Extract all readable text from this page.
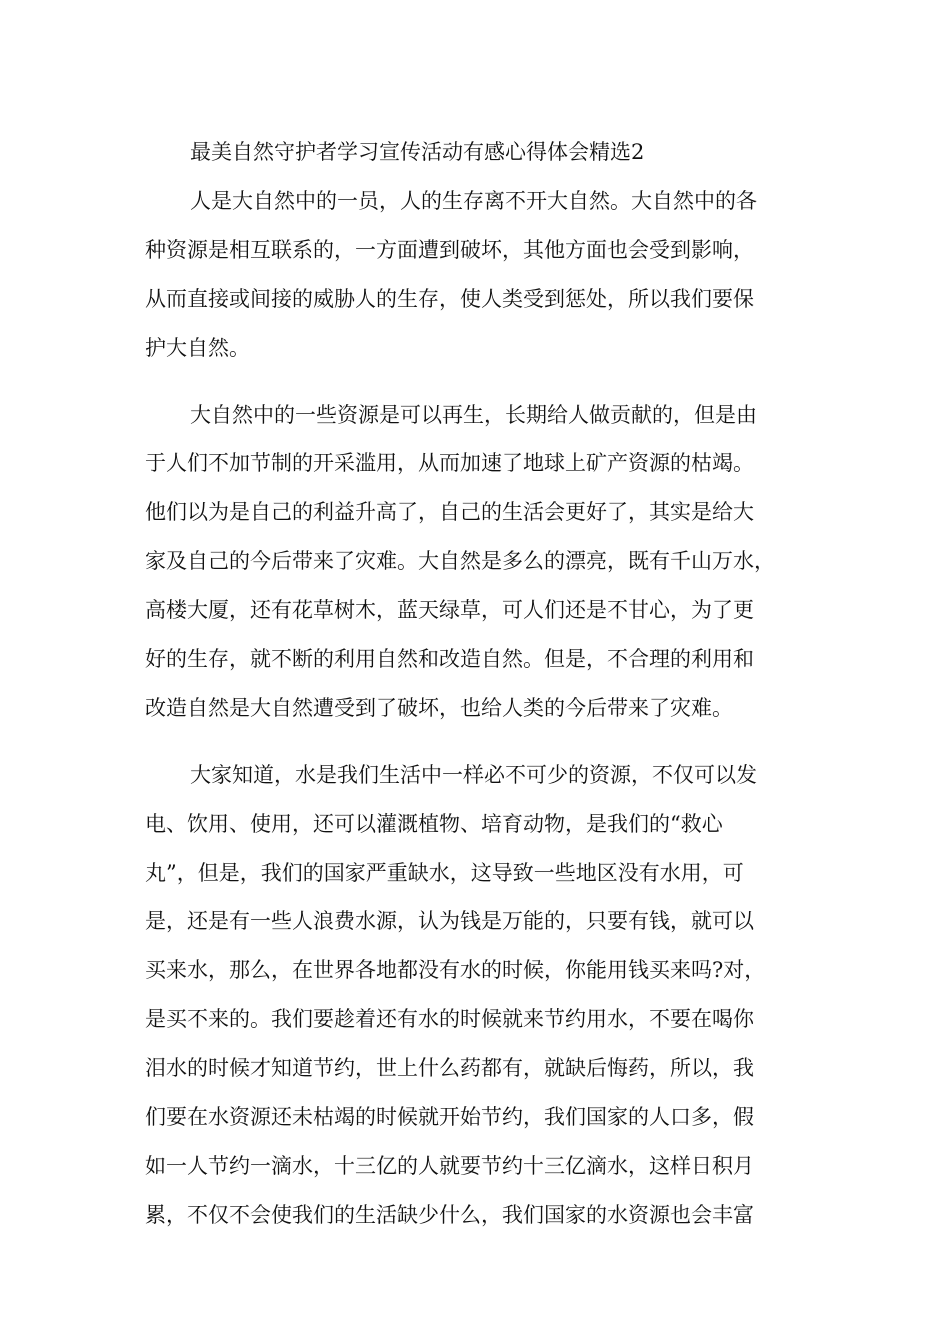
最美自然守护者学习宣传活动有感心得体会精选2
人是大自然中的一员，人的生存离不开大自然。大自然中的各
种资源是相互联系的，一方面遭到破坏，其他方面也会受到影响，
从而直接或间接的威胁人的生存，使人类受到惩处，所以我们要保
护大自然。
大自然中的一些资源是可以再生，长期给人做贡献的，但是由
于人们不加节制的开采滥用，从而加速了地球上矿产资源的枯竭。
他们以为是自己的利益升高了，自己的生活会更好了，其实是给大
家及自己的今后带来了灾难。大自然是多么的漂亮，既有千山万水，
高楼大厦，还有花草树木，蓝天绿草，可人们还是不甘心，为了更
好的生存，就不断的利用自然和改造自然。但是，不合理的利用和
改造自然是大自然遭受到了破坏，也给人类的今后带来了灾难。
大家知道，水是我们生活中一样必不可少的资源，不仅可以发
电、饮用、使用，还可以灌溉植物、培育动物，是我们的“救心
丸”，但是，我们的国家严重缺水，这导致一些地区没有水用，可
是，还是有一些人浪费水源，认为钱是万能的，只要有钱，就可以
买来水，那么，在世界各地都没有水的时候，你能用钱买来吗?对，
是买不来的。我们要趁着还有水的时候就来节约用水，不要在喝你
泪水的时候才知道节约，世上什么药都有，就缺后悔药，所以，我
们要在水资源还未枯竭的时候就开始节约，我们国家的人口多，假
如一人节约一滴水，十三亿的人就要节约十三亿滴水，这样日积月
累，不仅不会使我们的生活缺少什么，我们国家的水资源也会丰富
